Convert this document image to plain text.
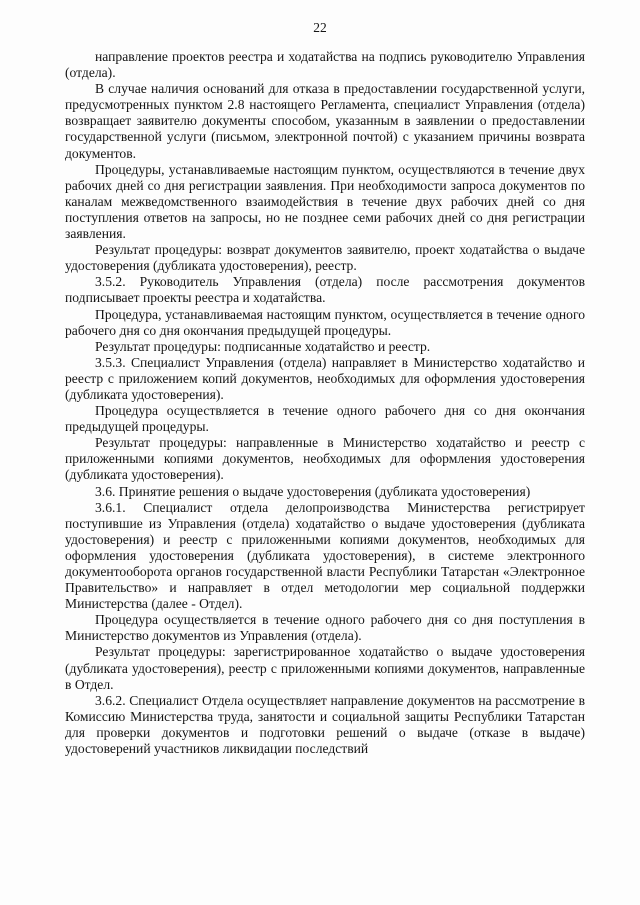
22

направление проектов реестра и ходатайства на подпись руководителю Управления (отдела).

В случае наличия оснований для отказа в предоставлении государственной услуги, предусмотренных пунктом 2.8 настоящего Регламента, специалист Управления (отдела) возвращает заявителю документы способом, указанным в заявлении о предоставлении государственной услуги (письмом, электронной почтой) с указанием причины возврата документов.

Процедуры, устанавливаемые настоящим пунктом, осуществляются в течение двух рабочих дней со дня регистрации заявления. При необходимости запроса документов по каналам межведомственного взаимодействия в течение двух рабочих дней со дня поступления ответов на запросы, но не позднее семи рабочих дней со дня регистрации заявления.

Результат процедуры: возврат документов заявителю, проект ходатайства о выдаче удостоверения (дубликата удостоверения), реестр.

3.5.2. Руководитель Управления (отдела) после рассмотрения документов подписывает проекты реестра и ходатайства.

Процедура, устанавливаемая настоящим пунктом, осуществляется в течение одного рабочего дня со дня окончания предыдущей процедуры.

Результат процедуры: подписанные ходатайство и реестр.

3.5.3. Специалист Управления (отдела) направляет в Министерство ходатайство и реестр с приложением копий документов, необходимых для оформления удостоверения (дубликата удостоверения).

Процедура осуществляется в течение одного рабочего дня со дня окончания предыдущей процедуры.

Результат процедуры: направленные в Министерство ходатайство и реестр с приложенными копиями документов, необходимых для оформления удостоверения (дубликата удостоверения).

3.6. Принятие решения о выдаче удостоверения (дубликата удостоверения)

3.6.1. Специалист отдела делопроизводства Министерства регистрирует поступившие из Управления (отдела) ходатайство о выдаче удостоверения (дубликата удостоверения) и реестр с приложенными копиями документов, необходимых для оформления удостоверения (дубликата удостоверения), в системе электронного документооборота органов государственной власти Республики Татарстан «Электронное Правительство» и направляет в отдел методологии мер социальной поддержки Министерства (далее - Отдел).

Процедура осуществляется в течение одного рабочего дня со дня поступления в Министерство документов из Управления (отдела).

Результат процедуры: зарегистрированное ходатайство о выдаче удостоверения (дубликата удостоверения), реестр с приложенными копиями документов, направленные в Отдел.

3.6.2. Специалист Отдела осуществляет направление документов на рассмотрение в Комиссию Министерства труда, занятости и социальной защиты Республики Татарстан для проверки документов и подготовки решений о выдаче (отказе в выдаче) удостоверений участников ликвидации последствий
